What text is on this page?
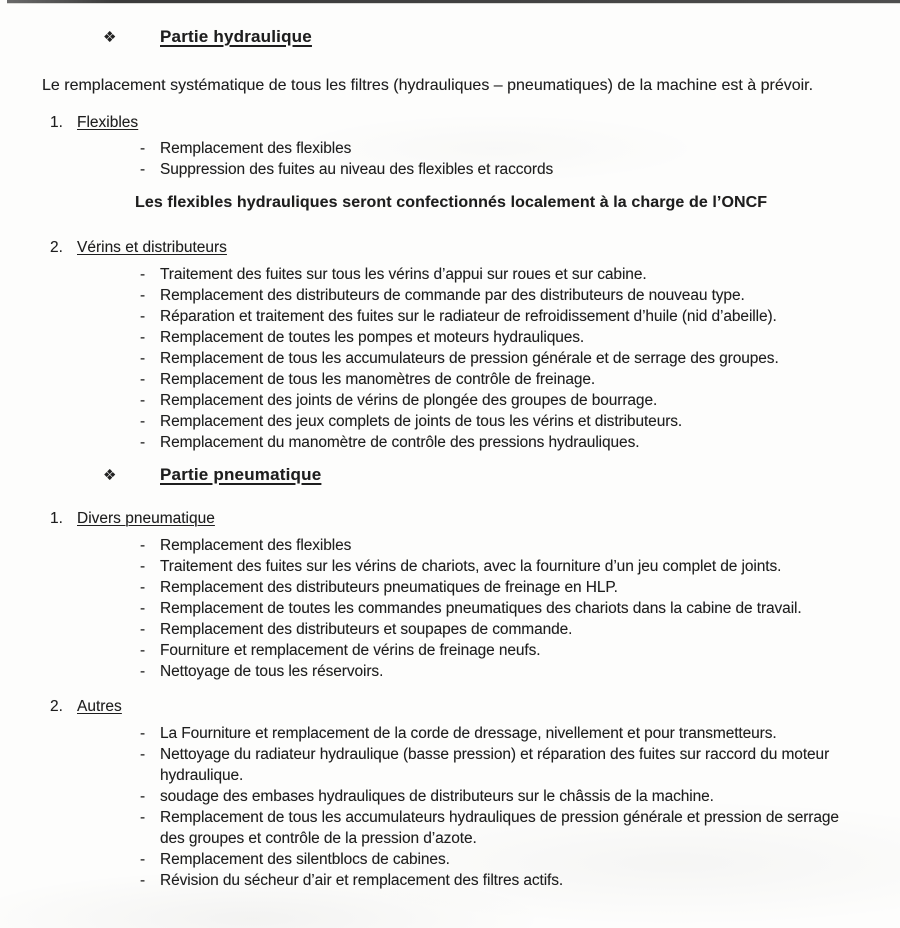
❖	Partie hydraulique

Le remplacement systématique de tous les filtres (hydrauliques – pneumatiques) de la machine est à prévoir.

1. Flexibles
- Remplacement des flexibles
- Suppression des fuites au niveau des flexibles et raccords

Les flexibles hydrauliques seront confectionnés localement à la charge de l’ONCF

2. Vérins et distributeurs
- Traitement des fuites sur tous les vérins d’appui sur roues et sur cabine.
- Remplacement des distributeurs de commande par des distributeurs de nouveau type.
- Réparation et traitement des fuites sur le radiateur de refroidissement d’huile (nid d’abeille).
- Remplacement de toutes les pompes et moteurs hydrauliques.
- Remplacement de tous les accumulateurs de pression générale et de serrage des groupes.
- Remplacement de tous les manomètres de contrôle de freinage.
- Remplacement des joints de vérins de plongée des groupes de bourrage.
- Remplacement des jeux complets de joints de tous les vérins et distributeurs.
- Remplacement du manomètre de contrôle des pressions hydrauliques.
❖	Partie pneumatique
1. Divers pneumatique
- Remplacement des flexibles
- Traitement des fuites sur les vérins de chariots, avec la fourniture d’un jeu complet de joints.
- Remplacement des distributeurs pneumatiques de freinage en HLP.
- Remplacement de toutes les commandes pneumatiques des chariots dans la cabine de travail.
- Remplacement des distributeurs et soupapes de commande.
- Fourniture et remplacement de vérins de freinage neufs.
- Nettoyage de tous les réservoirs.
2. Autres
- La Fourniture et remplacement de la corde de dressage, nivellement et pour transmetteurs.
- Nettoyage du radiateur hydraulique (basse pression) et réparation des fuites sur raccord du moteur hydraulique.
- soudage des embases hydrauliques de distributeurs sur le châssis de la machine.
- Remplacement de tous les accumulateurs hydrauliques de pression générale et pression de serrage des groupes et contrôle de la pression d’azote.
- Remplacement des silentblocs de cabines.
- Révision du sécheur d’air et remplacement des filtres actifs.
